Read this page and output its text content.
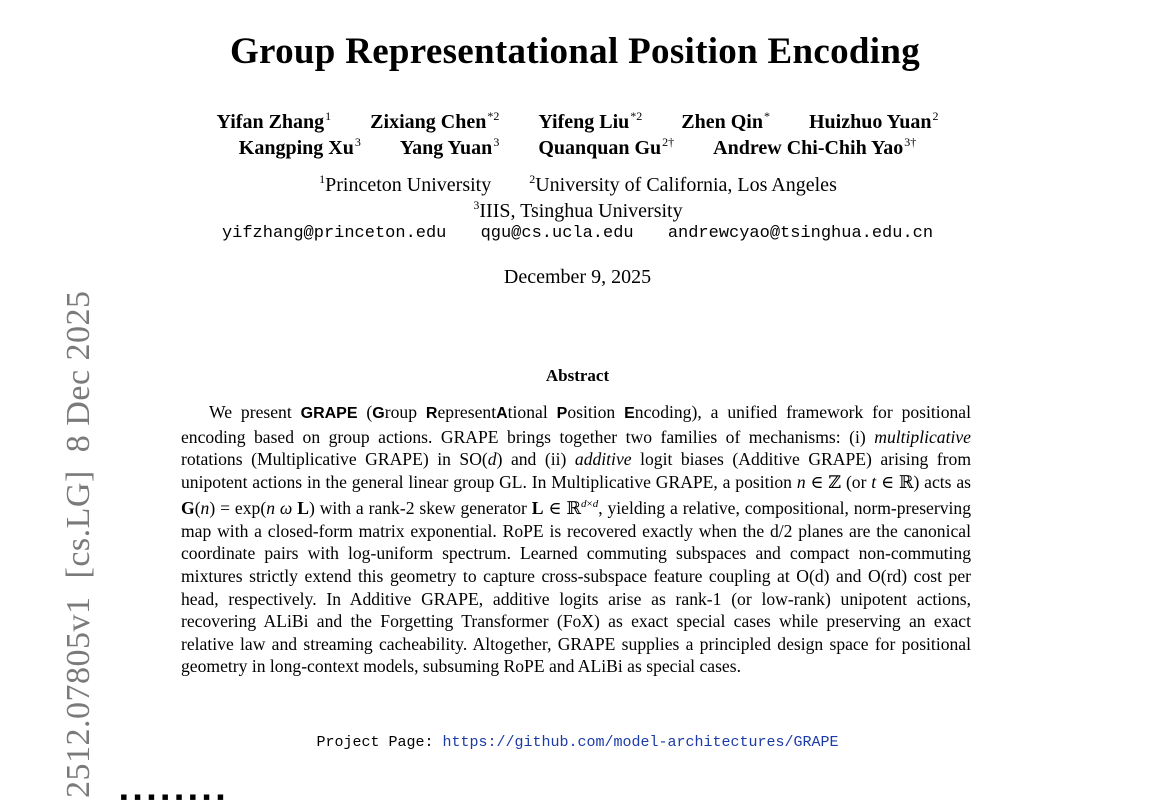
2512.07805v1[cs.LG]8 Dec 2025
Group Representational Position Encoding
Yifan Zhang$^1$ Zixiang Chen$^{*2}$ Yifeng Liu$^{*2}$ Zhen Qin* Huizhuo Yuan$^2$
Kangping Xu$^3$ Yang Yuan$^3$ Quanquan $Gu^{2\dagger}$ Andrew Chi-Chih Yao$^{3\dagger}$
$^1$Princeton University	$^2$University of California, Los Angeles
$^3$IIIS, Tsinghua University
yifzhang@princeton.edu qgu@cs.ucla.edu andrewcyao@tsinghua.edu.cn
December 9, 2025
Abstract
We present GRAPE (Group RepresentAtional Position Encoding), a unified framework for positional encoding based on group actions. GRAPE brings together two families of mechanisms: (i) multiplicative rotations (Multiplicative GRAPE) in SO(d) and (ii) additive logit biases (Additive GRAPE) arising from unipotent actions in the general linear group GL. In Multiplicative GRAPE, a position n ∈ ℤ (or t ∈ ℝ) acts as G(n) = exp(n ω L) with a rank-2 skew generator L ∈ ℝ$^{d\times d}$, yielding a relative, compositional, norm-preserving map with a closed-form matrix exponential. RoPE is recovered exactly when the d/2 planes are the canonical coordinate pairs with log-uniform spectrum. Learned commuting subspaces and compact non-commuting mixtures strictly extend this geometry to capture cross-subspace feature coupling at O(d) and O(rd) cost per head, respectively. In Additive GRAPE, additive logits arise as rank-1 (or low-rank) unipotent actions, recovering ALiBi and the Forgetting Transformer (FoX) as exact special cases while preserving an exact relative law and streaming cacheability. Altogether, GRAPE supplies a principled design space for positional geometry in long-context models, subsuming RoPE and ALiBi as special cases.
Project Page: https://github.com/model-architectures/GRAPE
▪▪▪▪▪▪▪▪
